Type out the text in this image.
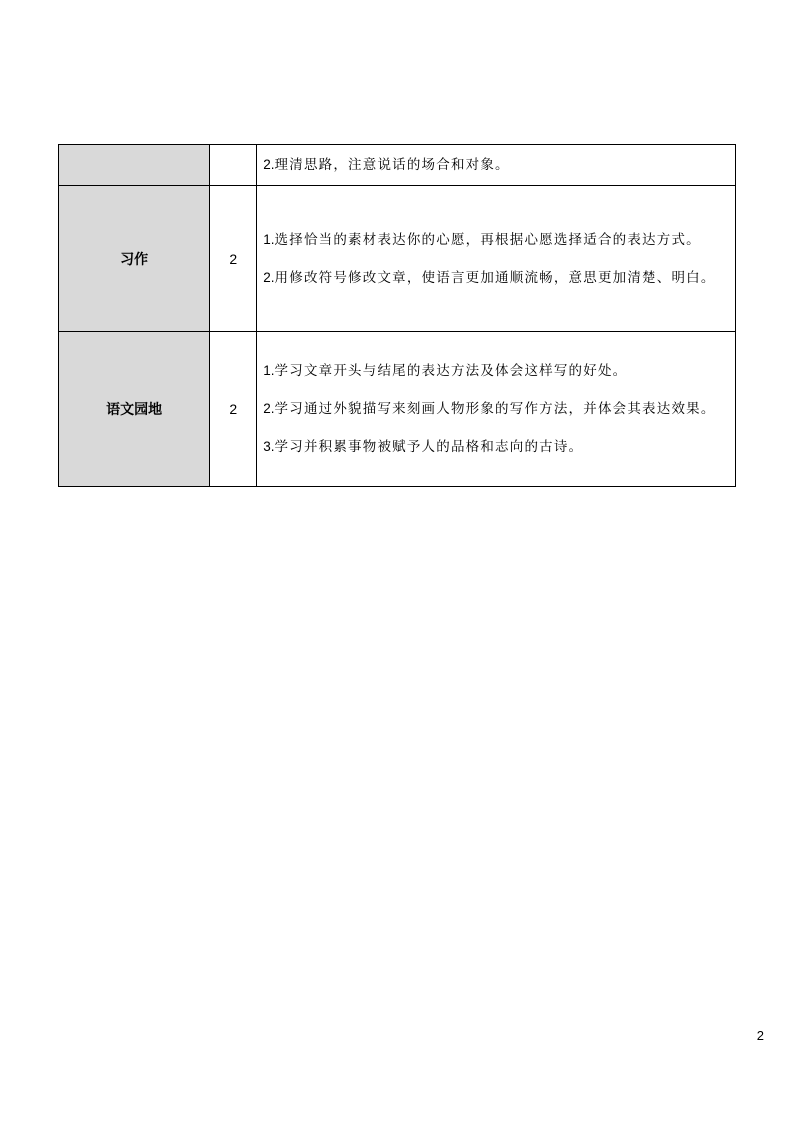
		2.理清思路，注意说话的场合和对象。

习作	2	1.选择恰当的素材表达你的心愿，再根据心愿选择适合的表达方式。

2.用修改符号修改文章，使语言更加通顺流畅，意思更加清楚、明白。

语文园地	2	1.学习文章开头与结尾的表达方法及体会这样写的好处。

2.学习通过外貌描写来刻画人物形象的写作方法，并体会其表达效果。

3.学习并积累事物被赋予人的品格和志向的古诗。

2
